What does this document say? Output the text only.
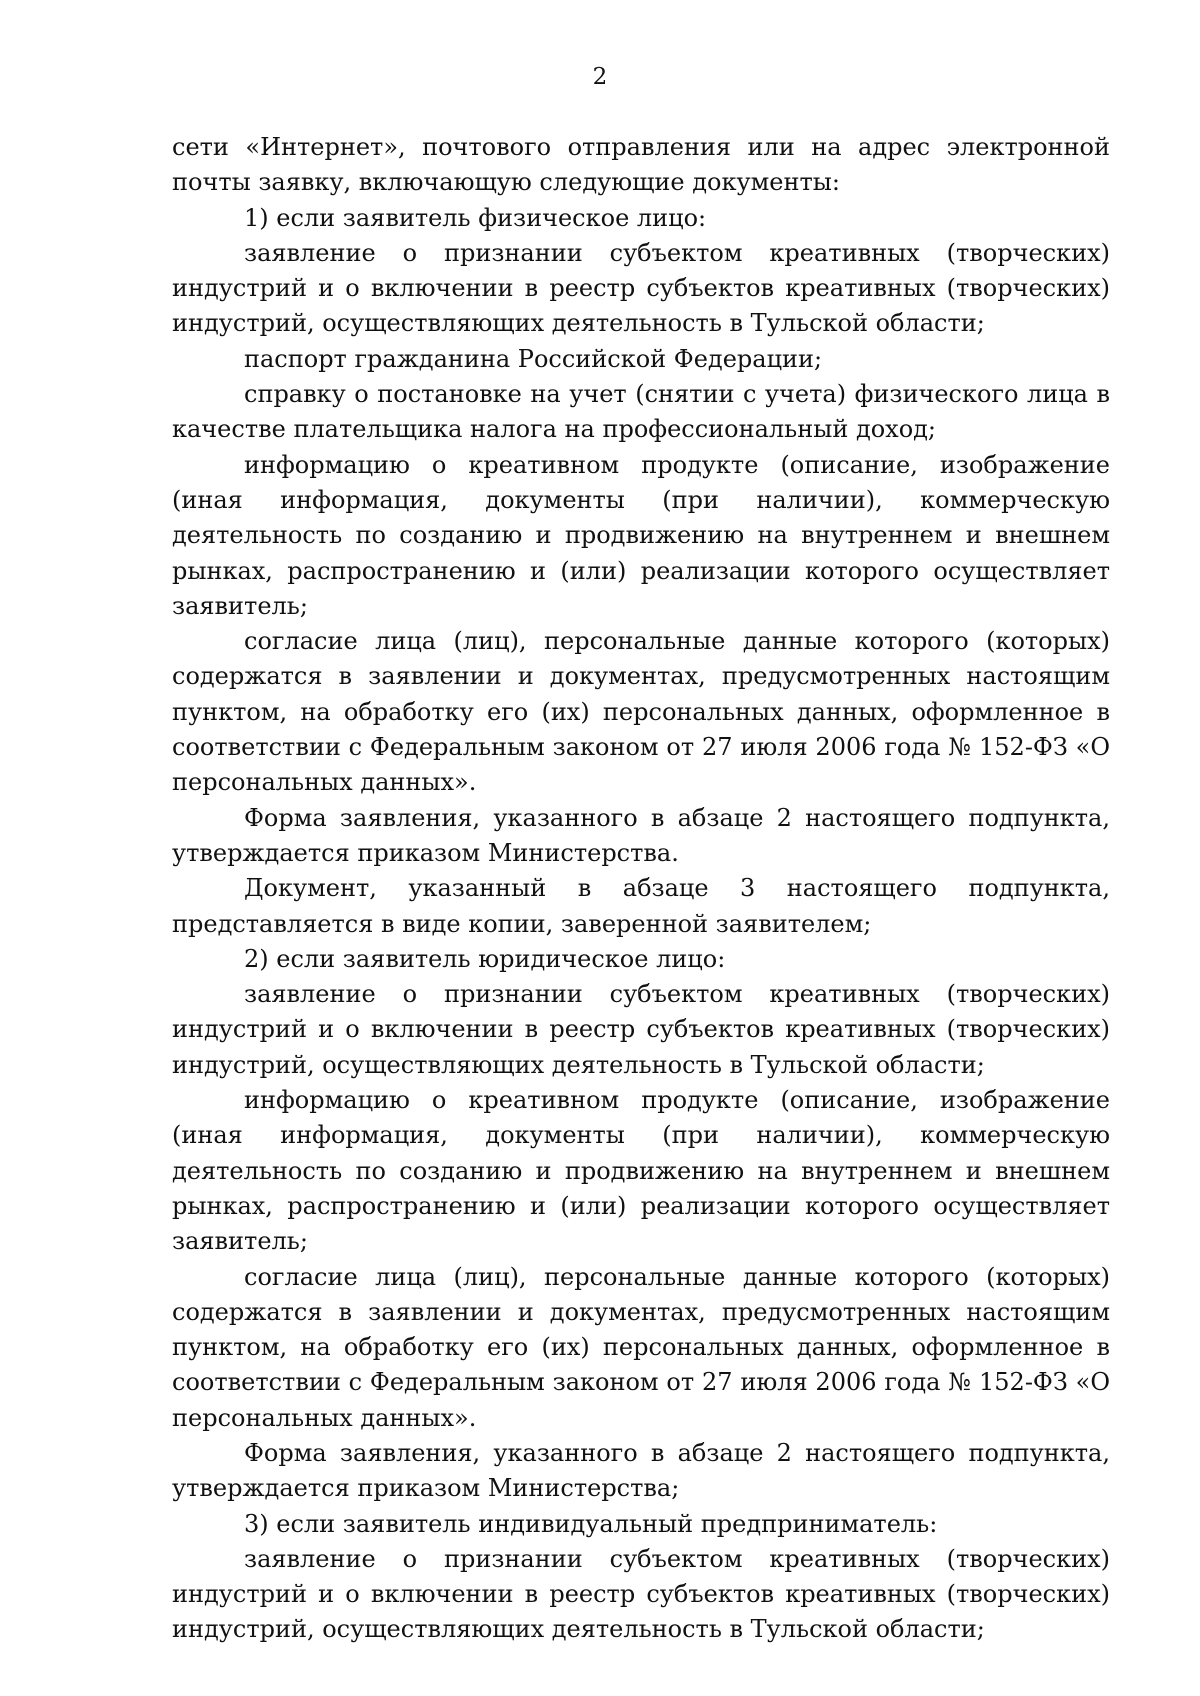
2

сети «Интернет», почтового отправления или на адрес электронной почты заявку, включающую следующие документы:

1) если заявитель физическое лицо:

заявление о признании субъектом креативных (творческих) индустрий и о включении в реестр субъектов креативных (творческих) индустрий, осуществляющих деятельность в Тульской области;

паспорт гражданина Российской Федерации;

справку о постановке на учет (снятии с учета) физического лица в качестве плательщика налога на профессиональный доход;

информацию о креативном продукте (описание, изображение (иная информация, документы (при наличии), коммерческую деятельность по созданию и продвижению на внутреннем и внешнем рынках, распространению и (или) реализации которого осуществляет заявитель;

согласие лица (лиц), персональные данные которого (которых) содержатся в заявлении и документах, предусмотренных настоящим пунктом, на обработку его (их) персональных данных, оформленное в соответствии с Федеральным законом от 27 июля 2006 года № 152-ФЗ «О персональных данных».

Форма заявления, указанного в абзаце 2 настоящего подпункта, утверждается приказом Министерства.

Документ, указанный в абзаце 3 настоящего подпункта, представляется в виде копии, заверенной заявителем;

2) если заявитель юридическое лицо:

заявление о признании субъектом креативных (творческих) индустрий и о включении в реестр субъектов креативных (творческих) индустрий, осуществляющих деятельность в Тульской области;

информацию о креативном продукте (описание, изображение (иная информация, документы (при наличии), коммерческую деятельность по созданию и продвижению на внутреннем и внешнем рынках, распространению и (или) реализации которого осуществляет заявитель;

согласие лица (лиц), персональные данные которого (которых) содержатся в заявлении и документах, предусмотренных настоящим пунктом, на обработку его (их) персональных данных, оформленное в соответствии с Федеральным законом от 27 июля 2006 года № 152-ФЗ «О персональных данных».

Форма заявления, указанного в абзаце 2 настоящего подпункта, утверждается приказом Министерства;

3) если заявитель индивидуальный предприниматель:

заявление о признании субъектом креативных (творческих) индустрий и о включении в реестр субъектов креативных (творческих) индустрий, осуществляющих деятельность в Тульской области;
